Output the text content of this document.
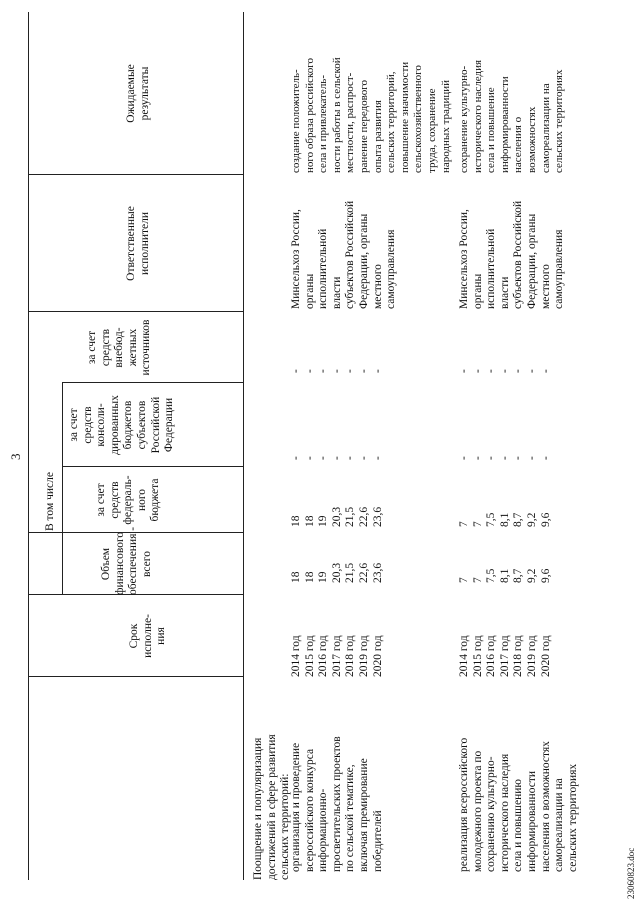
3
Срок
исполне-
ния
Объем
финансового
обеспечения -
всего
В том числе	за счет
средств
федераль-
ного
бюджета
за счет
средств
консоли-
дированных
бюджетов
субъектов
Российской
Федерации
за счет
средств
внебюд-
жетных
источников
Ответственные
исполнители
Ожидаемые
результаты
Поощрение и популяризация
достижений в сфере развития
сельских территорий:
организация и проведение
всероссийского конкурса
информационно-
просветительских проектов
по сельской тематике,
включая премирование
победителей
2014 год
2015 год
2016 год
2017 год
2018 год
2019 год
2020 год
18
18
19
20,3
21,5
22,6
23,6
18
18
19
20,3
21,5
22,6
23,6
-
-
-
-
-
-
-
-
-
-
-
-
-
-
Минсельхоз России,
органы
исполнительной
власти
субъектов Российской
Федерации, органы
местного
самоуправления
создание положитель-
ного образа российского
села и привлекатель-
ности работы в сельской
местности, распрост-
ранение передового
опыта развития
сельских территорий,
повышение значимости
сельскохозяйственного
труда, сохранение
народных традиций
реализация всероссийского
молодежного проекта по
сохранению культурно-
исторического наследия
села и повышению
информированности
населения о возможностях
самореализации на
сельских территориях
2014 год
2015 год
2016 год
2017 год
2018 год
2019 год
2020 год
7
7
7,5
8,1
8,7
9,2
9,6
7
7
7,5
8,1
8,7
9,2
9,6
-
-
-
-
-
-
-
-
-
-
-
-
-
-
Минсельхоз России,
органы
исполнительной
власти
субъектов Российской
Федерации, органы
местного
самоуправления
сохранение культурно-
исторического наследия
села и повышение
информированности
населения о
возможностях
самореализации на
сельских территориях
23060823.doc
